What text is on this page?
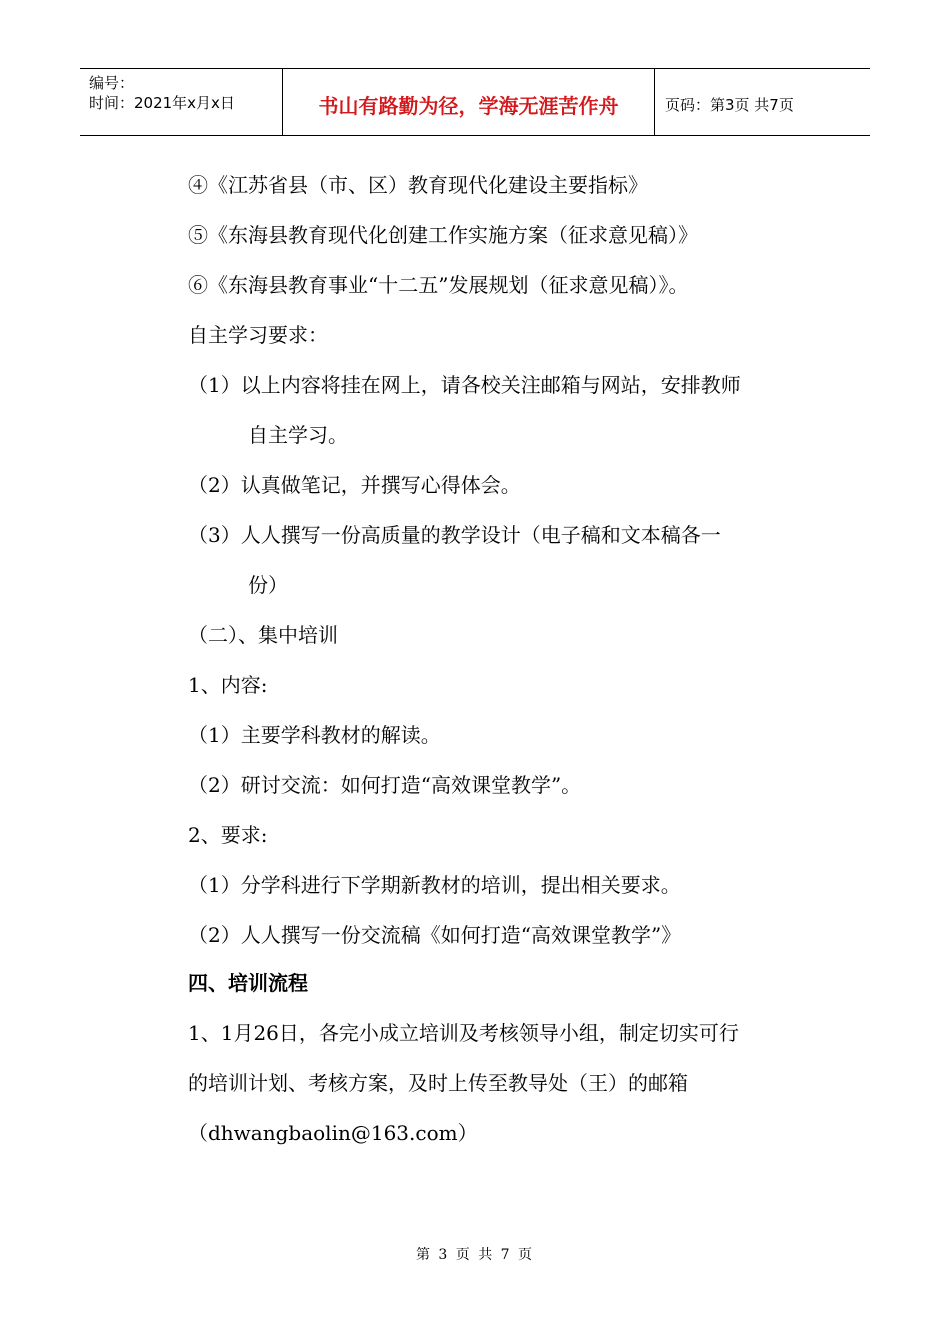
编号：
时间：2021年x月x日	书山有路勤为径，学海无涯苦作舟	页码：第3页 共7页
④《江苏省县（市、区）教育现代化建设主要指标》
⑤《东海县教育现代化创建工作实施方案（征求意见稿）》
⑥《东海县教育事业“十二五”发展规划（征求意见稿）》。
自主学习要求：
（1）以上内容将挂在网上，请各校关注邮箱与网站，安排教师
自主学习。
（2）认真做笔记，并撰写心得体会。
（3）人人撰写一份高质量的教学设计（电子稿和文本稿各一
份）
（二）、集中培训
1、内容:
（1）主要学科教材的解读。
（2）研讨交流：如何打造“高效课堂教学”。
2、要求:
（1）分学科进行下学期新教材的培训，提出相关要求。
（2）人人撰写一份交流稿《如何打造“高效课堂教学”》
四、培训流程
1、1月26日，各完小成立培训及考核领导小组，制定切实可行
的培训计划、考核方案，及时上传至教导处（王）的邮箱
（dhwangbaolin@163.com）
第 3 页 共 7 页
